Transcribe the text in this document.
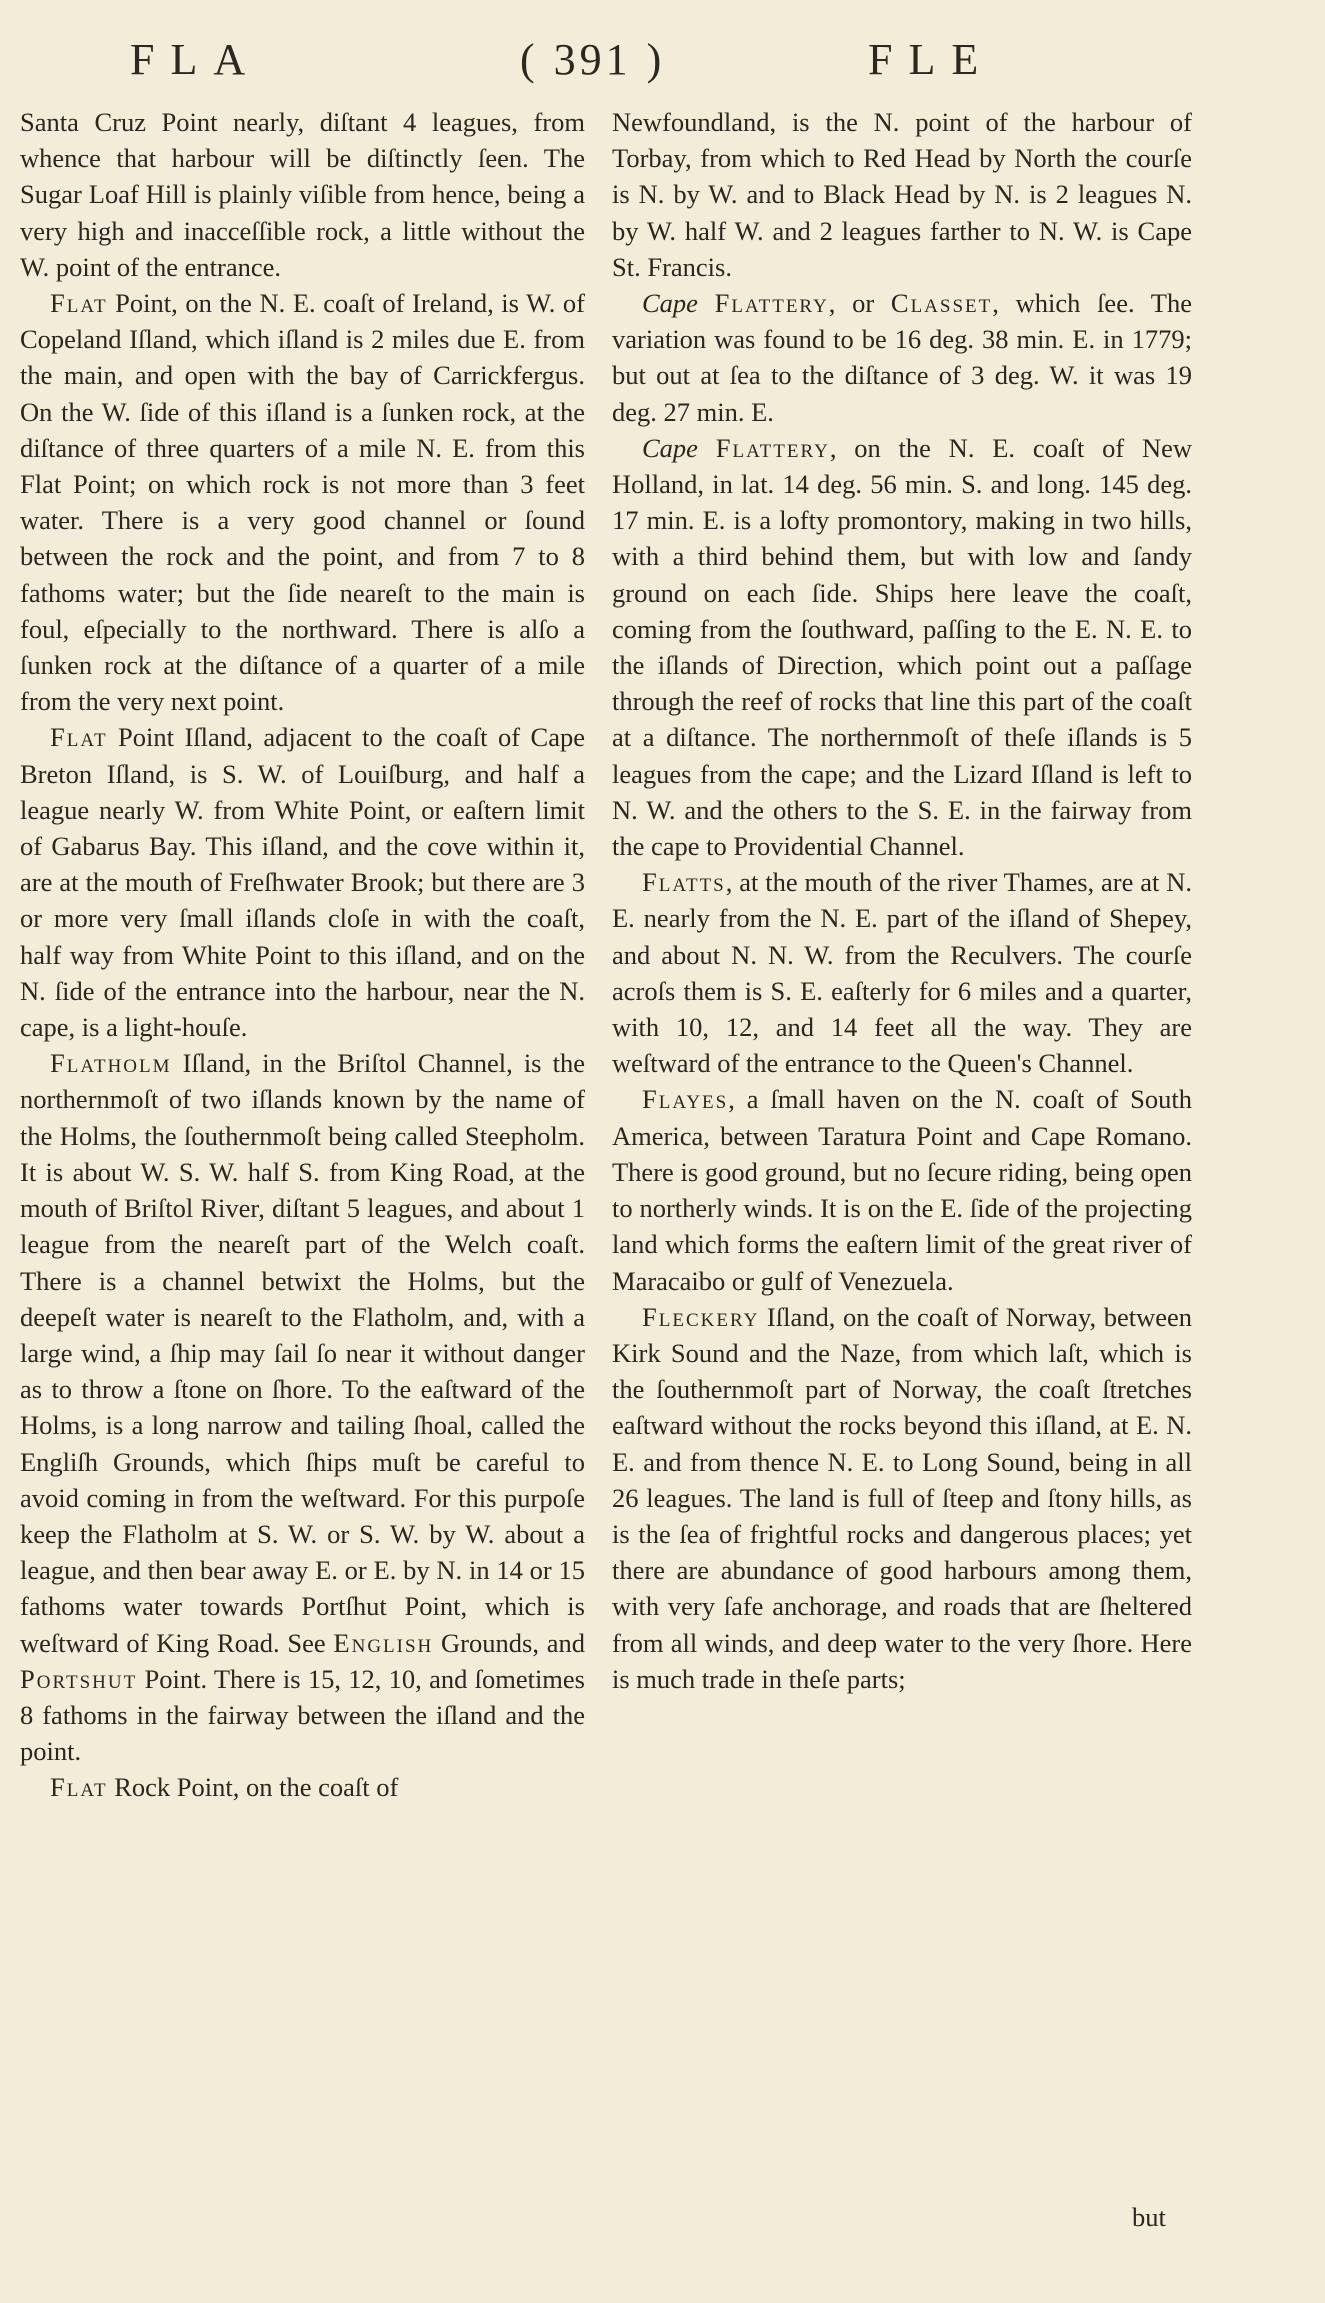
FLA	( 391 )	FLE

Santa Cruz Point nearly, diſtant 4 leagues, from whence that harbour will be diſtinctly ſeen. The Sugar Loaf Hill is plainly viſible from hence, being a very high and inacceſſible rock, a little without the W. point of the entrance.

Flat Point, on the N. E. coaſt of Ireland, is W. of Copeland Iſland, which iſland is 2 miles due E. from the main, and open with the bay of Carrickfergus. On the W. ſide of this iſland is a ſunken rock, at the diſtance of three quarters of a mile N. E. from this Flat Point; on which rock is not more than 3 feet water. There is a very good channel or ſound between the rock and the point, and from 7 to 8 fathoms water; but the ſide neareſt to the main is foul, eſpecially to the northward. There is alſo a ſunken rock at the diſtance of a quarter of a mile from the very next point.

Flat Point Iſland, adjacent to the coaſt of Cape Breton Iſland, is S. W. of Louiſburg, and half a league nearly W. from White Point, or eaſtern limit of Gabarus Bay. This iſland, and the cove within it, are at the mouth of Freſhwater Brook; but there are 3 or more very ſmall iſlands cloſe in with the coaſt, half way from White Point to this iſland, and on the N. ſide of the entrance into the harbour, near the N. cape, is a light-houſe.

Flatholm Iſland, in the Briſtol Channel, is the northernmoſt of two iſlands known by the name of the Holms, the ſouthernmoſt being called Steepholm. It is about W. S. W. half S. from King Road, at the mouth of Briſtol River, diſtant 5 leagues, and about 1 league from the neareſt part of the Welch coaſt. There is a channel betwixt the Holms, but the deepeſt water is neareſt to the Flatholm, and, with a large wind, a ſhip may ſail ſo near it without danger as to throw a ſtone on ſhore. To the eaſtward of the Holms, is a long narrow and tailing ſhoal, called the Engliſh Grounds, which ſhips muſt be careful to avoid coming in from the weſtward. For this purpoſe keep the Flatholm at S. W. or S. W. by W. about a league, and then bear away E. or E. by N. in 14 or 15 fathoms water towards Portſhut Point, which is weſtward of King Road. See English Grounds, and Portshut Point. There is 15, 12, 10, and ſometimes 8 fathoms in the fairway between the iſland and the point.

Flat Rock Point, on the coaſt of

Newfoundland, is the N. point of the harbour of Torbay, from which to Red Head by North the courſe is N. by W. and to Black Head by N. is 2 leagues N. by W. half W. and 2 leagues farther to N. W. is Cape St. Francis.

Cape Flattery, or Classet, which ſee. The variation was found to be 16 deg. 38 min. E. in 1779; but out at ſea to the diſtance of 3 deg. W. it was 19 deg. 27 min. E.

Cape Flattery, on the N. E. coaſt of New Holland, in lat. 14 deg. 56 min. S. and long. 145 deg. 17 min. E. is a lofty promontory, making in two hills, with a third behind them, but with low and ſandy ground on each ſide. Ships here leave the coaſt, coming from the ſouthward, paſſing to the E. N. E. to the iſlands of Direction, which point out a paſſage through the reef of rocks that line this part of the coaſt at a diſtance. The northernmoſt of theſe iſlands is 5 leagues from the cape; and the Lizard Iſland is left to N. W. and the others to the S. E. in the fairway from the cape to Providential Channel.

Flatts, at the mouth of the river Thames, are at N. E. nearly from the N. E. part of the iſland of Shepey, and about N. N. W. from the Reculvers. The courſe acroſs them is S. E. eaſterly for 6 miles and a quarter, with 10, 12, and 14 feet all the way. They are weſtward of the entrance to the Queen's Channel.

Flayes, a ſmall haven on the N. coaſt of South America, between Taratura Point and Cape Romano. There is good ground, but no ſecure riding, being open to northerly winds. It is on the E. ſide of the projecting land which forms the eaſtern limit of the great river of Maracaibo or gulf of Venezuela.

Fleckery Iſland, on the coaſt of Norway, between Kirk Sound and the Naze, from which laſt, which is the ſouthernmoſt part of Norway, the coaſt ſtretches eaſtward without the rocks beyond this iſland, at E. N. E. and from thence N. E. to Long Sound, being in all 26 leagues. The land is full of ſteep and ſtony hills, as is the ſea of frightful rocks and dangerous places; yet there are abundance of good harbours among them, with very ſafe anchorage, and roads that are ſheltered from all winds, and deep water to the very ſhore. Here is much trade in theſe parts;

but
